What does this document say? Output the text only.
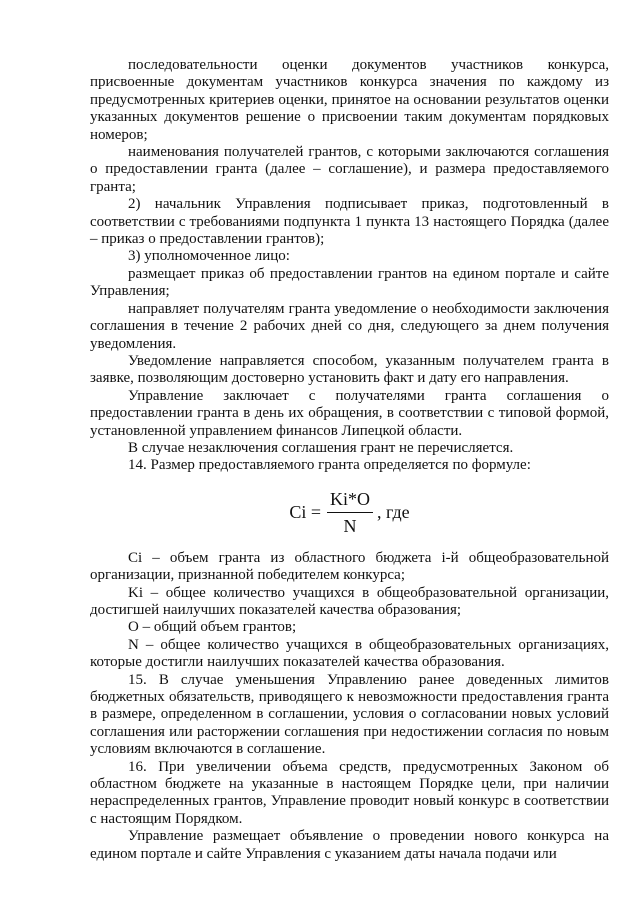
последовательности оценки документов участников конкурса, присвоенные документам участников конкурса значения по каждому из предусмотренных критериев оценки, принятое на основании результатов оценки указанных документов решение о присвоении таким документам порядковых номеров;

наименования получателей грантов, с которыми заключаются соглашения о предоставлении гранта (далее – соглашение), и размера предоставляемого гранта;

2) начальник Управления подписывает приказ, подготовленный в соответствии с требованиями подпункта 1 пункта 13 настоящего Порядка (далее – приказ о предоставлении грантов);

3) уполномоченное лицо:

размещает приказ об предоставлении грантов на едином портале и сайте Управления;

направляет получателям гранта уведомление о необходимости заключения соглашения в течение 2 рабочих дней со дня, следующего за днем получения уведомления.

Уведомление направляется способом, указанным получателем гранта в заявке, позволяющим достоверно установить факт и дату его направления.

Управление заключает с получателями гранта соглашения о предоставлении гранта в день их обращения, в соответствии с типовой формой, установленной управлением финансов Липецкой области.

В случае незаключения соглашения грант не перечисляется.

14. Размер предоставляемого гранта определяется по формуле:

$Ci = \frac{Ki*O}{N}$ , где

Ci – объем гранта из областного бюджета i-й общеобразовательной организации, признанной победителем конкурса;

Ki – общее количество учащихся в общеобразовательной организации, достигшей наилучших показателей качества образования;

O – общий объем грантов;

N – общее количество учащихся в общеобразовательных организациях, которые достигли наилучших показателей качества образования.

15. В случае уменьшения Управлению ранее доведенных лимитов бюджетных обязательств, приводящего к невозможности предоставления гранта в размере, определенном в соглашении, условия о согласовании новых условий соглашения или расторжении соглашения при недостижении согласия по новым условиям включаются в соглашение.

16. При увеличении объема средств, предусмотренных Законом об областном бюджете на указанные в настоящем Порядке цели, при наличии нераспределенных грантов, Управление проводит новый конкурс в соответствии с настоящим Порядком.

Управление размещает объявление о проведении нового конкурса на едином портале и сайте Управления с указанием даты начала подачи или
